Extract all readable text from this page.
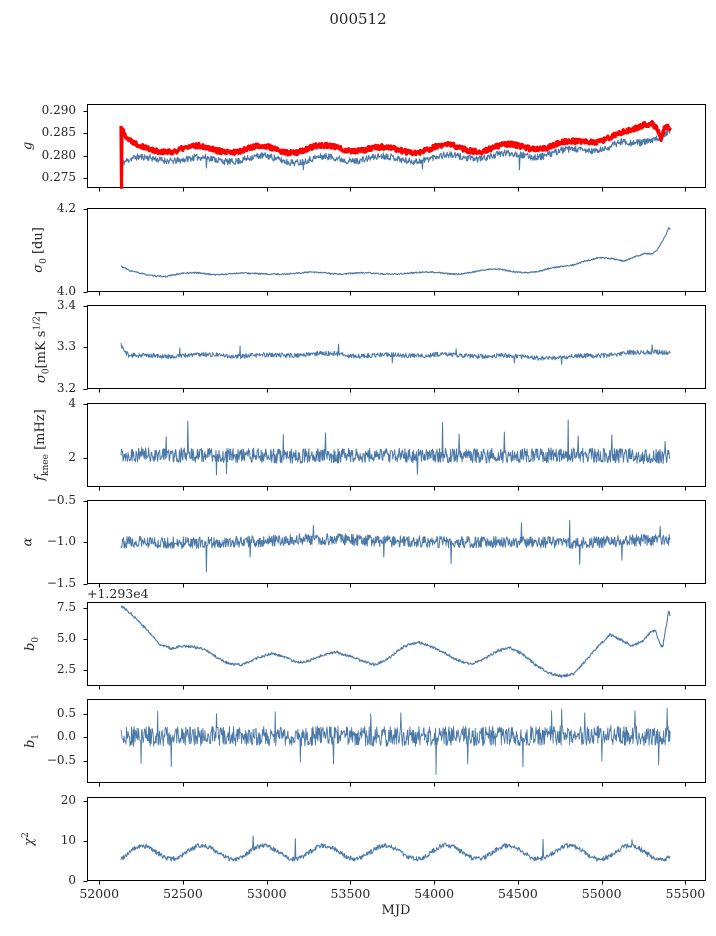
000512
0.275
0.280
0.285
0.290
g
4.0
4.2
$\sigma_0$ [du]
3.2
3.3
3.4
$\sigma_0[mK$ $s^{1/2}$]
2
4
$f_{knee}$ [mHz]
−1.5
−1.0
−0.5
α
2.5
5.0
7.5
$b_0$
+1.293e4
−0.5
0.0
0.5
$b_1$
0
10
20
$\chi^2$
52000	52500	53000	53500	54000	54500	55000	55500
MJD
